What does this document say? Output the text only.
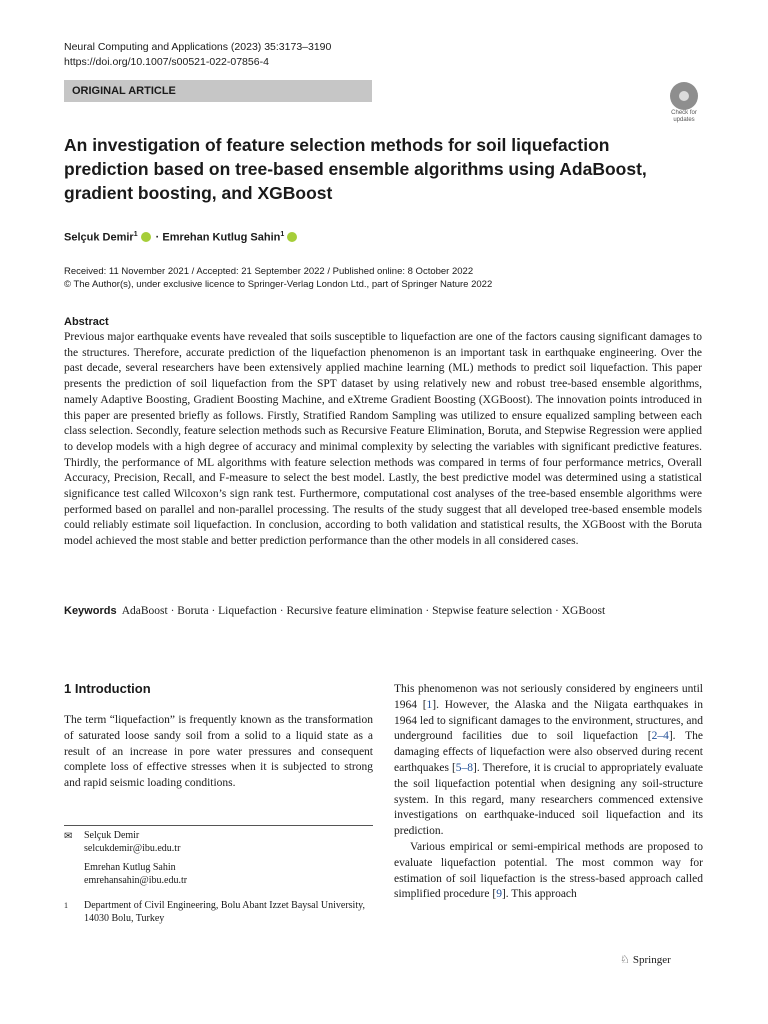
Neural Computing and Applications (2023) 35:3173–3190
https://doi.org/10.1007/s00521-022-07856-4
ORIGINAL ARTICLE
Check for
updates
An investigation of feature selection methods for soil liquefaction prediction based on tree-based ensemble algorithms using AdaBoost, gradient boosting, and XGBoost
Selçuk Demir$^1$ · Emrehan Kutlug Sahin$^1$
Received: 11 November 2021 / Accepted: 21 September 2022 / Published online: 8 October 2022
© The Author(s), under exclusive licence to Springer-Verlag London Ltd., part of Springer Nature 2022
Abstract

Previous major earthquake events have revealed that soils susceptible to liquefaction are one of the factors causing significant damages to the structures. Therefore, accurate prediction of the liquefaction phenomenon is an important task in earthquake engineering. Over the past decade, several researchers have been extensively applied machine learning (ML) methods to predict soil liquefaction. This paper presents the prediction of soil liquefaction from the SPT dataset by using relatively new and robust tree-based ensemble algorithms, namely Adaptive Boosting, Gradient Boosting Machine, and eXtreme Gradient Boosting (XGBoost). The innovation points introduced in this paper are presented briefly as follows. Firstly, Stratified Random Sampling was utilized to ensure equalized sampling between each class selection. Secondly, feature selection methods such as Recursive Feature Elimination, Boruta, and Stepwise Regression were applied to develop models with a high degree of accuracy and minimal complexity by selecting the variables with significant predictive features. Thirdly, the performance of ML algorithms with feature selection methods was compared in terms of four performance metrics, Overall Accuracy, Precision, Recall, and F-measure to select the best model. Lastly, the best predictive model was determined using a statistical significance test called Wilcoxon’s sign rank test. Furthermore, computational cost analyses of the tree-based ensemble algorithms were performed based on parallel and non-parallel processing. The results of the study suggest that all developed tree-based ensemble models could reliably estimate soil liquefaction. In conclusion, according to both validation and statistical results, the XGBoost with the Boruta model achieved the most stable and better prediction performance than the other models in all considered cases.

Keywords AdaBoost · Boruta · Liquefaction · Recursive feature elimination · Stepwise feature selection · XGBoost

1 Introduction

The term “liquefaction” is frequently known as the transformation of saturated loose sandy soil from a solid to a liquid state as a result of an increase in pore water pressures and consequent complete loss of effective stresses when it is subjected to strong and rapid seismic loading conditions.

✉ Selçuk Demir
selcukdemir@ibu.edu.tr
Emrehan Kutlug Sahin
emrehansahin@ibu.edu.tr
1 Department of Civil Engineering, Bolu Abant Izzet Baysal University, 14030 Bolu, Turkey

This phenomenon was not seriously considered by engineers until 1964 [1]. However, the Alaska and the Niigata earthquakes in 1964 led to significant damages to the environment, structures, and underground facilities due to soil liquefaction [2–4]. The damaging effects of liquefaction were also observed during recent earthquakes [5–8]. Therefore, it is crucial to appropriately evaluate the soil liquefaction potential when designing any soil-structure system. In this regard, many researchers commenced extensive investigations on earthquake-induced soil liquefaction and its prediction.

Various empirical or semi-empirical methods are proposed to evaluate liquefaction potential. The most common way for estimation of soil liquefaction is the stress-based approach called simplified procedure [9]. This approach

♘ Springer
